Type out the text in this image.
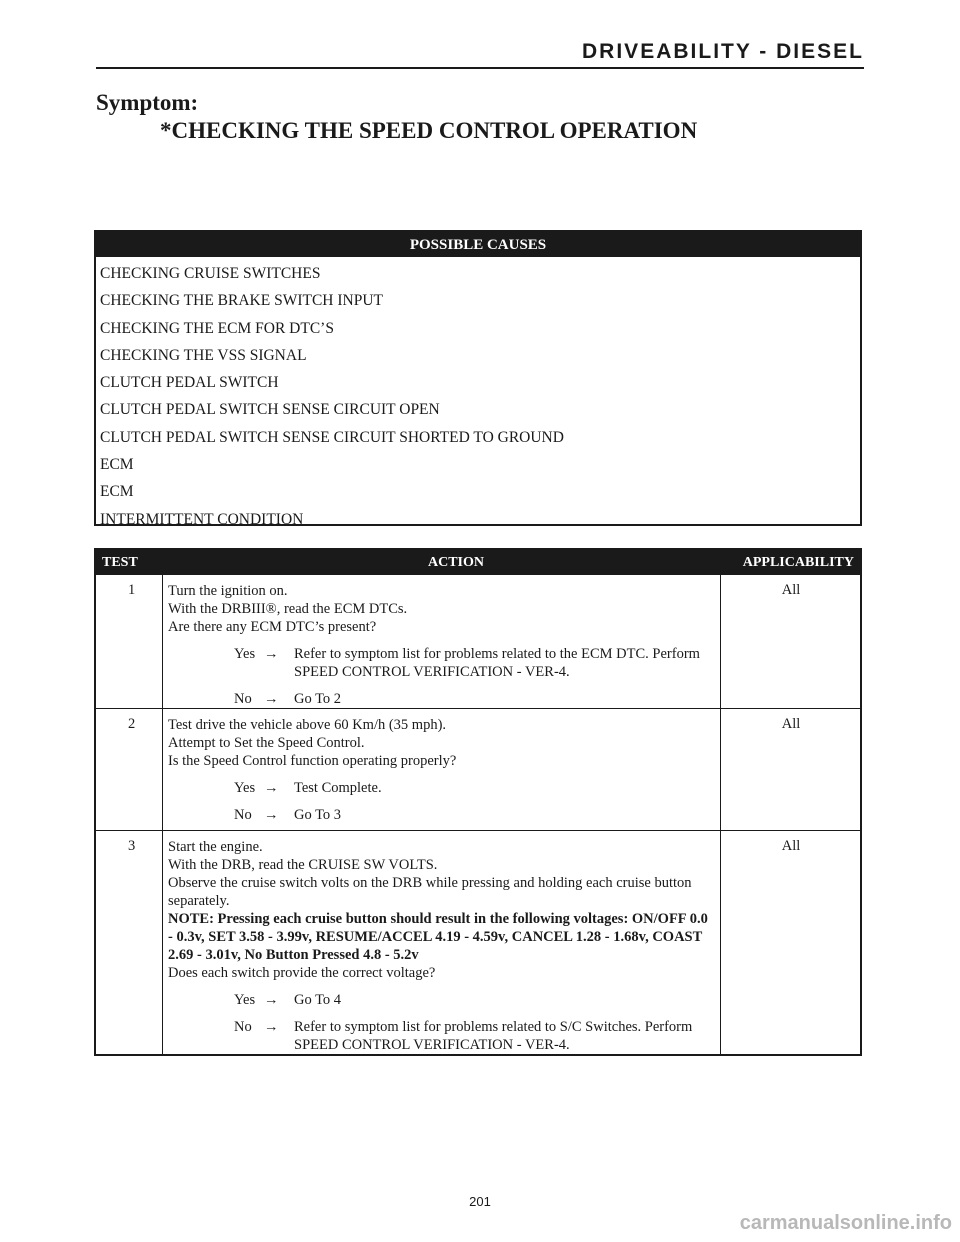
DRIVEABILITY - DIESEL
Symptom:
*CHECKING THE SPEED CONTROL OPERATION
POSSIBLE CAUSES
CHECKING CRUISE SWITCHES
CHECKING THE BRAKE SWITCH INPUT
CHECKING THE ECM FOR DTC’S
CHECKING THE VSS SIGNAL
CLUTCH PEDAL SWITCH
CLUTCH PEDAL SWITCH SENSE CIRCUIT OPEN
CLUTCH PEDAL SWITCH SENSE CIRCUIT SHORTED TO GROUND
ECM
ECM
INTERMITTENT CONDITION
TEST	ACTION	APPLICABILITY
1 Turn the ignition on.
With the DRBIII®, read the ECM DTCs.
Are there any ECM DTC’s present?
Yes → Refer to symptom list for problems related to the ECM DTC. Perform SPEED CONTROL VERIFICATION - VER-4.
No → Go To 2
All
2 Test drive the vehicle above 60 Km/h (35 mph).
Attempt to Set the Speed Control.
Is the Speed Control function operating properly?
Yes → Test Complete.
No → Go To 3
All
3 Start the engine.
With the DRB, read the CRUISE SW VOLTS.
Observe the cruise switch volts on the DRB while pressing and holding each cruise button separately.
NOTE: Pressing each cruise button should result in the following voltages: ON/OFF 0.0 - 0.3v, SET 3.58 - 3.99v, RESUME/ACCEL 4.19 - 4.59v, CANCEL 1.28 - 1.68v, COAST 2.69 - 3.01v, No Button Pressed 4.8 - 5.2v
Does each switch provide the correct voltage?
Yes → Go To 4
No → Refer to symptom list for problems related to S/C Switches. Perform SPEED CONTROL VERIFICATION - VER-4.
All
201
carmanualsonline.info
